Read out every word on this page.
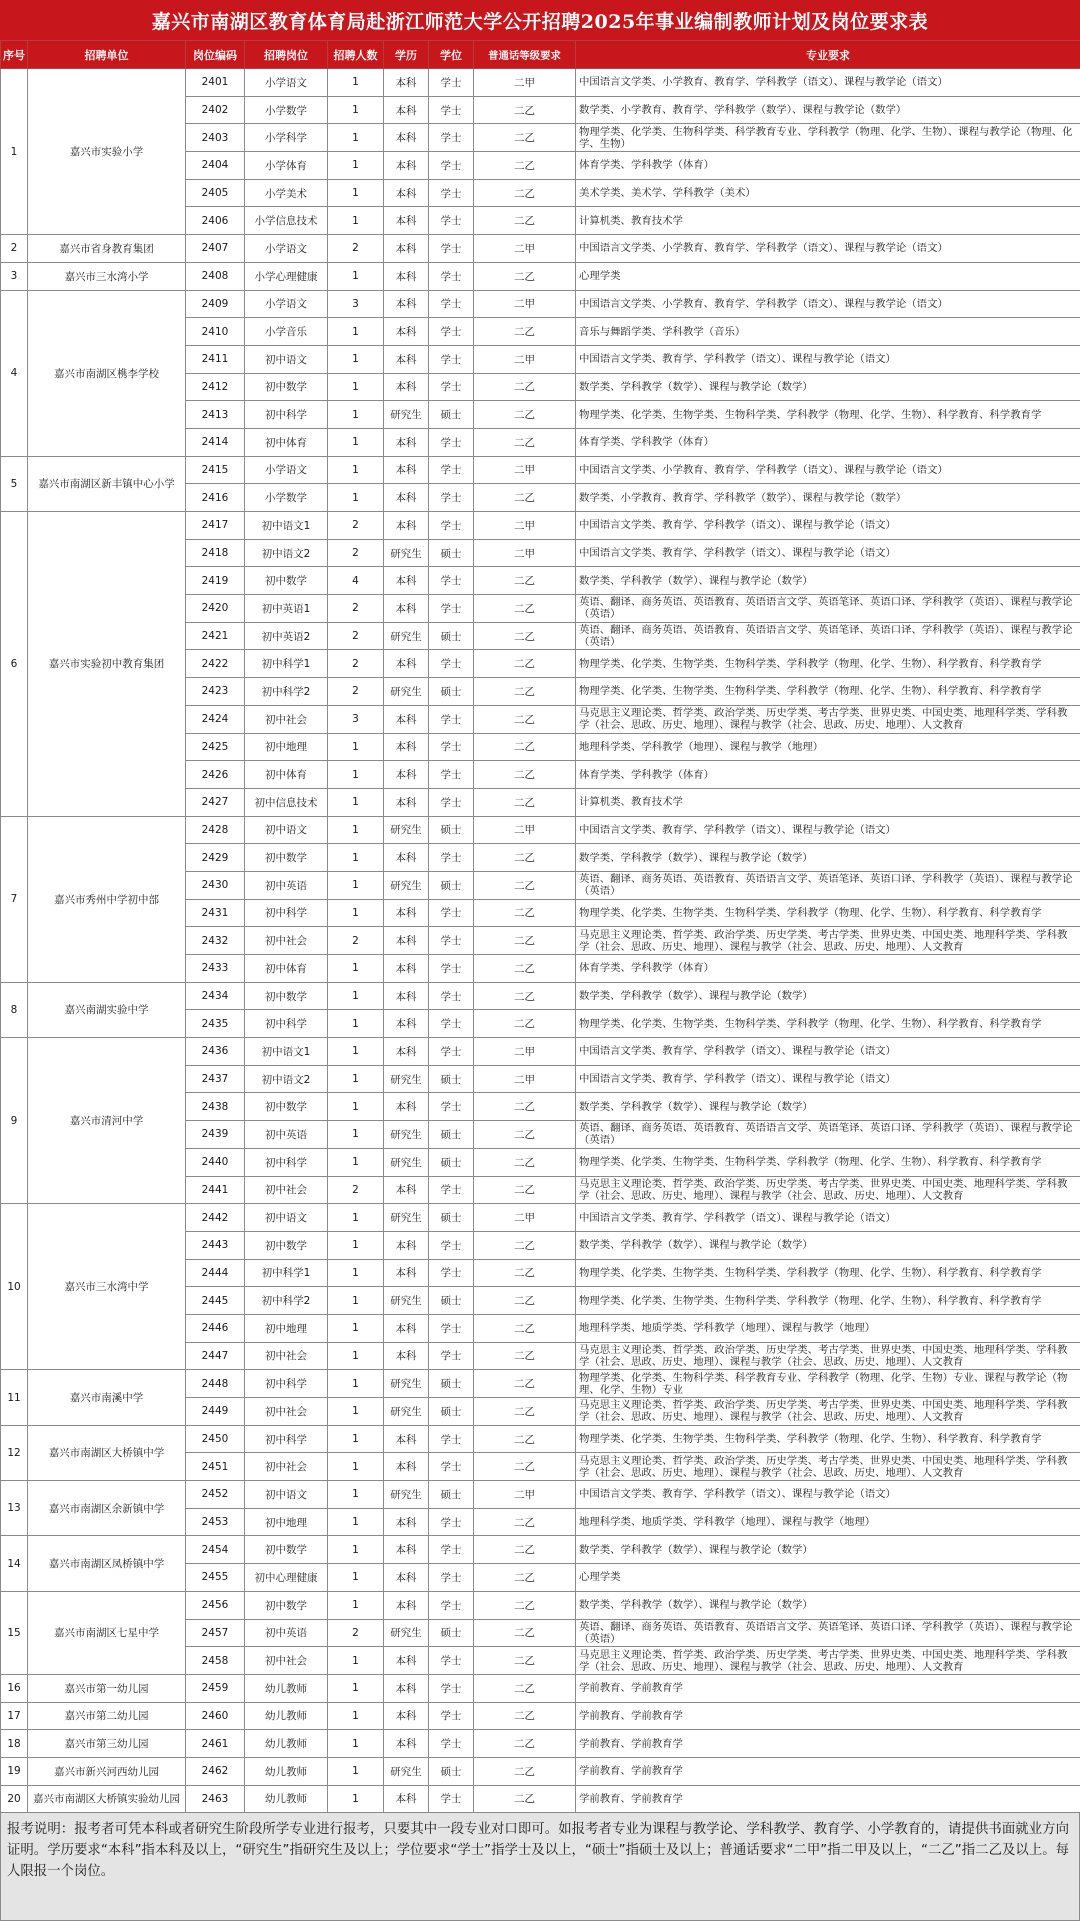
嘉兴市南湖区教育体育局赴浙江师范大学公开招聘2025年事业编制教师计划及岗位要求表
序号	招聘单位	岗位编码	招聘岗位	招聘人数	学历	学位	普通话等级要求	专业要求
1	嘉兴市实验小学	2401	小学语文	1	本科	学士	二甲	中国语言文学类、小学教育、教育学、学科教学（语文）、课程与教学论（语文）
		2402	小学数学	1	本科	学士	二乙	数学类、小学教育、教育学、学科教学（数学）、课程与教学论（数学）
		2403	小学科学	1	本科	学士	二乙	物理学类、化学类、生物科学类、科学教育专业、学科教学（物理、化学、生物）、课程与教学论（物理、化学、生物）
		2404	小学体育	1	本科	学士	二乙	体育学类、学科教学（体育）
		2405	小学美术	1	本科	学士	二乙	美术学类、美术学、学科教学（美术）
		2406	小学信息技术	1	本科	学士	二乙	计算机类、教育技术学
2	嘉兴市省身教育集团	2407	小学语文	2	本科	学士	二甲	中国语言文学类、小学教育、教育学、学科教学（语文）、课程与教学论（语文）
3	嘉兴市三水湾小学	2408	小学心理健康	1	本科	学士	二乙	心理学类
4	嘉兴市南湖区槜李学校	2409	小学语文	3	本科	学士	二甲	中国语言文学类、小学教育、教育学、学科教学（语文）、课程与教学论（语文）
		2410	小学音乐	1	本科	学士	二乙	音乐与舞蹈学类、学科教学（音乐）
		2411	初中语文	1	本科	学士	二甲	中国语言文学类、教育学、学科教学（语文）、课程与教学论（语文）
		2412	初中数学	1	本科	学士	二乙	数学类、学科教学（数学）、课程与教学论（数学）
		2413	初中科学	1	研究生	硕士	二乙	物理学类、化学类、生物学类、生物科学类、学科教学（物理、化学、生物）、科学教育、科学教育学
		2414	初中体育	1	本科	学士	二乙	体育学类、学科教学（体育）
5	嘉兴市南湖区新丰镇中心小学	2415	小学语文	1	本科	学士	二甲	中国语言文学类、小学教育、教育学、学科教学（语文）、课程与教学论（语文）
		2416	小学数学	1	本科	学士	二乙	数学类、小学教育、教育学、学科教学（数学）、课程与教学论（数学）
6	嘉兴市实验初中教育集团	2417	初中语文1	2	本科	学士	二甲	中国语言文学类、教育学、学科教学（语文）、课程与教学论（语文）
		2418	初中语文2	2	研究生	硕士	二甲	中国语言文学类、教育学、学科教学（语文）、课程与教学论（语文）
		2419	初中数学	4	本科	学士	二乙	数学类、学科教学（数学）、课程与教学论（数学）
		2420	初中英语1	2	本科	学士	二乙	英语、翻译、商务英语、英语教育、英语语言文学、英语笔译、英语口译、学科教学（英语）、课程与教学论（英语）
		2421	初中英语2	2	研究生	硕士	二乙	英语、翻译、商务英语、英语教育、英语语言文学、英语笔译、英语口译、学科教学（英语）、课程与教学论（英语）
		2422	初中科学1	2	本科	学士	二乙	物理学类、化学类、生物学类、生物科学类、学科教学（物理、化学、生物）、科学教育、科学教育学
		2423	初中科学2	2	研究生	硕士	二乙	物理学类、化学类、生物学类、生物科学类、学科教学（物理、化学、生物）、科学教育、科学教育学
		2424	初中社会	3	本科	学士	二乙	马克思主义理论类、哲学类、政治学类、历史学类、考古学类、世界史类、中国史类、地理科学类、学科教学（社会、思政、历史、地理）、课程与教学（社会、思政、历史、地理）、人文教育
		2425	初中地理	1	本科	学士	二乙	地理科学类、学科教学（地理）、课程与教学（地理）
		2426	初中体育	1	本科	学士	二乙	体育学类、学科教学（体育）
		2427	初中信息技术	1	本科	学士	二乙	计算机类、教育技术学
7	嘉兴市秀州中学初中部	2428	初中语文	1	研究生	硕士	二甲	中国语言文学类、教育学、学科教学（语文）、课程与教学论（语文）
		2429	初中数学	1	本科	学士	二乙	数学类、学科教学（数学）、课程与教学论（数学）
		2430	初中英语	1	研究生	硕士	二乙	英语、翻译、商务英语、英语教育、英语语言文学、英语笔译、英语口译、学科教学（英语）、课程与教学论（英语）
		2431	初中科学	1	本科	学士	二乙	物理学类、化学类、生物学类、生物科学类、学科教学（物理、化学、生物）、科学教育、科学教育学
		2432	初中社会	2	本科	学士	二乙	马克思主义理论类、哲学类、政治学类、历史学类、考古学类、世界史类、中国史类、地理科学类、学科教学（社会、思政、历史、地理）、课程与教学（社会、思政、历史、地理）、人文教育
		2433	初中体育	1	本科	学士	二乙	体育学类、学科教学（体育）
8	嘉兴南湖实验中学	2434	初中数学	1	本科	学士	二乙	数学类、学科教学（数学）、课程与教学论（数学）
		2435	初中科学	1	本科	学士	二乙	物理学类、化学类、生物学类、生物科学类、学科教学（物理、化学、生物）、科学教育、科学教育学
9	嘉兴市清河中学	2436	初中语文1	1	本科	学士	二甲	中国语言文学类、教育学、学科教学（语文）、课程与教学论（语文）
		2437	初中语文2	1	研究生	硕士	二甲	中国语言文学类、教育学、学科教学（语文）、课程与教学论（语文）
		2438	初中数学	1	本科	学士	二乙	数学类、学科教学（数学）、课程与教学论（数学）
		2439	初中英语	1	研究生	硕士	二乙	英语、翻译、商务英语、英语教育、英语语言文学、英语笔译、英语口译、学科教学（英语）、课程与教学论（英语）
		2440	初中科学	1	研究生	硕士	二乙	物理学类、化学类、生物学类、生物科学类、学科教学（物理、化学、生物）、科学教育、科学教育学
		2441	初中社会	2	本科	学士	二乙	马克思主义理论类、哲学类、政治学类、历史学类、考古学类、世界史类、中国史类、地理科学类、学科教学（社会、思政、历史、地理）、课程与教学（社会、思政、历史、地理）、人文教育
10	嘉兴市三水湾中学	2442	初中语文	1	研究生	硕士	二甲	中国语言文学类、教育学、学科教学（语文）、课程与教学论（语文）
		2443	初中数学	1	本科	学士	二乙	数学类、学科教学（数学）、课程与教学论（数学）
		2444	初中科学1	1	本科	学士	二乙	物理学类、化学类、生物学类、生物科学类、学科教学（物理、化学、生物）、科学教育、科学教育学
		2445	初中科学2	1	研究生	硕士	二乙	物理学类、化学类、生物学类、生物科学类、学科教学（物理、化学、生物）、科学教育、科学教育学
		2446	初中地理	1	本科	学士	二乙	地理科学类、地质学类、学科教学（地理）、课程与教学（地理）
		2447	初中社会	1	本科	学士	二乙	马克思主义理论类、哲学类、政治学类、历史学类、考古学类、世界史类、中国史类、地理科学类、学科教学（社会、思政、历史、地理）、课程与教学（社会、思政、历史、地理）、人文教育
11	嘉兴市南溪中学	2448	初中科学	1	研究生	硕士	二乙	物理学类、化学类、生物科学类、科学教育专业、学科教学（物理、化学、生物）专业、课程与教学论（物理、化学、生物）专业
		2449	初中社会	1	研究生	硕士	二乙	马克思主义理论类、哲学类、政治学类、历史学类、考古学类、世界史类、中国史类、地理科学类、学科教学（社会、思政、历史、地理）、课程与教学（社会、思政、历史、地理）、人文教育
12	嘉兴市南湖区大桥镇中学	2450	初中科学	1	本科	学士	二乙	物理学类、化学类、生物学类、生物科学类、学科教学（物理、化学、生物）、科学教育、科学教育学
		2451	初中社会	1	本科	学士	二乙	马克思主义理论类、哲学类、政治学类、历史学类、考古学类、世界史类、中国史类、地理科学类、学科教学（社会、思政、历史、地理）、课程与教学（社会、思政、历史、地理）、人文教育
13	嘉兴市南湖区余新镇中学	2452	初中语文	1	研究生	硕士	二甲	中国语言文学类、教育学、学科教学（语文）、课程与教学论（语文）
		2453	初中地理	1	本科	学士	二乙	地理科学类、地质学类、学科教学（地理）、课程与教学（地理）
14	嘉兴市南湖区凤桥镇中学	2454	初中数学	1	本科	学士	二乙	数学类、学科教学（数学）、课程与教学论（数学）
		2455	初中心理健康	1	本科	学士	二乙	心理学类
15	嘉兴市南湖区七星中学	2456	初中数学	1	本科	学士	二乙	数学类、学科教学（数学）、课程与教学论（数学）
		2457	初中英语	2	研究生	硕士	二乙	英语、翻译、商务英语、英语教育、英语语言文学、英语笔译、英语口译、学科教学（英语）、课程与教学论（英语）
		2458	初中社会	1	本科	学士	二乙	马克思主义理论类、哲学类、政治学类、历史学类、考古学类、世界史类、中国史类、地理科学类、学科教学（社会、思政、历史、地理）、课程与教学（社会、思政、历史、地理）、人文教育
16	嘉兴市第一幼儿园	2459	幼儿教师	1	本科	学士	二乙	学前教育、学前教育学
17	嘉兴市第二幼儿园	2460	幼儿教师	1	本科	学士	二乙	学前教育、学前教育学
18	嘉兴市第三幼儿园	2461	幼儿教师	1	本科	学士	二乙	学前教育、学前教育学
19	嘉兴市新兴河西幼儿园	2462	幼儿教师	1	研究生	硕士	二乙	学前教育、学前教育学
20	嘉兴市南湖区大桥镇实验幼儿园	2463	幼儿教师	1	本科	学士	二乙	学前教育、学前教育学
报考说明：报考者可凭本科或者研究生阶段所学专业进行报考，只要其中一段专业对口即可。如报考者专业为课程与教学论、学科教学、教育学、小学教育的，请提供书面就业方向证明。学历要求“本科”指本科及以上，“研究生”指研究生及以上；学位要求“学士”指学士及以上，“硕士”指硕士及以上；普通话要求“二甲”指二甲及以上，“二乙”指二乙及以上。每人限报一个岗位。
